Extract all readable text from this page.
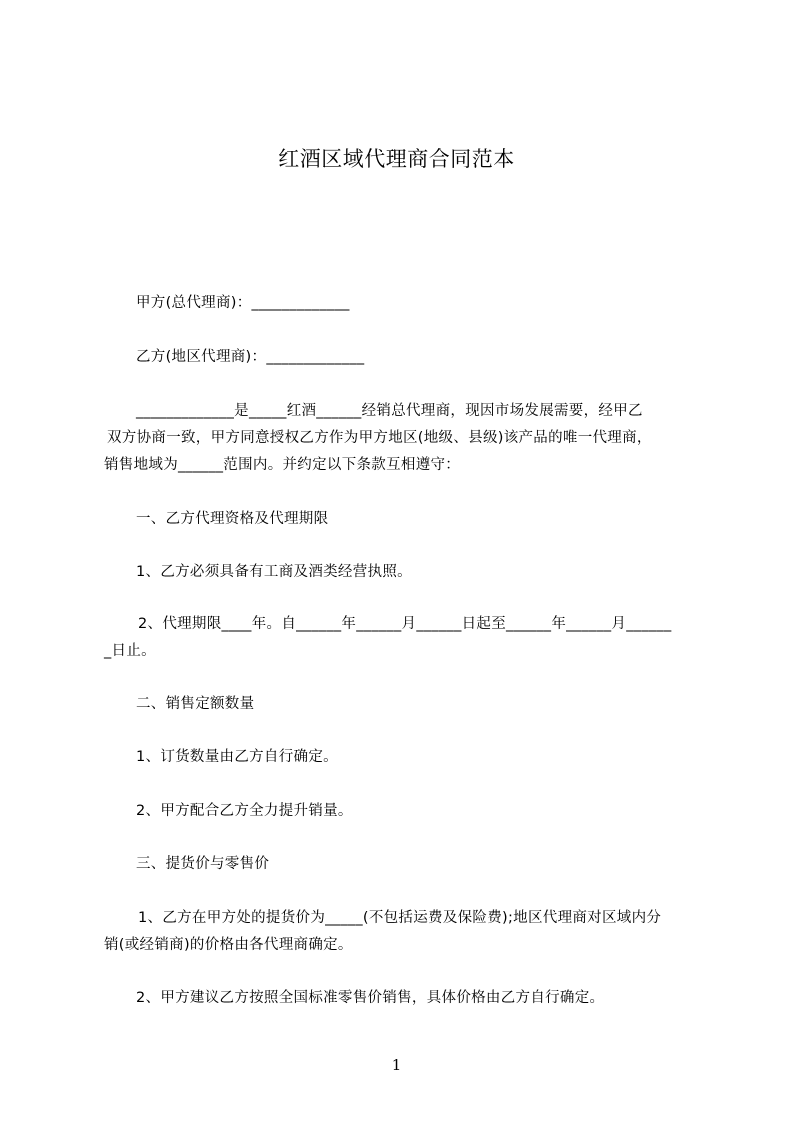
红酒区域代理商合同范本
甲方(总代理商)：_____________
乙方(地区代理商)：_____________
_____________是_____红酒______经销总代理商，现因市场发展需要，经甲乙
双方协商一致，甲方同意授权乙方作为甲方地区(地级、县级)该产品的唯一代理商，
销售地域为______范围内。并约定以下条款互相遵守：
一、乙方代理资格及代理期限
1、乙方必须具备有工商及酒类经营执照。
2、代理期限____年。自______年______月______日起至______年______月______
_日止。
二、销售定额数量
1、订货数量由乙方自行确定。
2、甲方配合乙方全力提升销量。
三、提货价与零售价
1、乙方在甲方处的提货价为_____(不包括运费及保险费);地区代理商对区域内分
销(或经销商)的价格由各代理商确定。
2、甲方建议乙方按照全国标准零售价销售，具体价格由乙方自行确定。
1
